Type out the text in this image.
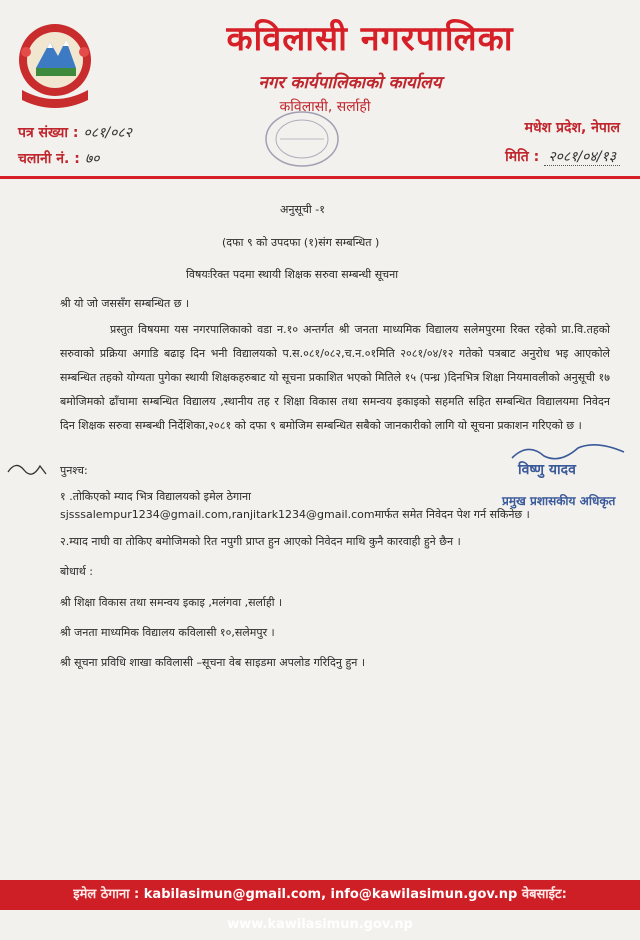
कविलासी नगरपालिका
नगर कार्यपालिकाको कार्यालय
कविलासी, सर्लाही
पत्र संख्या : ०८१/०८२
चलानी नं. : ७०
मधेश प्रदेश, नेपाल
मिति : २०८१/०४/१३
अनुसूची -१
(दफा ९ को उपदफा (१)संग सम्बन्धित )
विषयःरिक्त पदमा स्थायी शिक्षक सरुवा सम्बन्धी सूचना
श्री यो जो जससँग सम्बन्धित छ ।
प्रस्तुत विषयमा यस नगरपालिकाको वडा न.१० अन्तर्गत श्री जनता माध्यमिक विद्यालय सलेमपुरमा रिक्त रहेको प्रा.वि.तहको सरुवाको प्रक्रिया अगाडि बढाइ दिन भनी विद्यालयको प.स.०८१/०८२,च.न.०१मिति २०८१/०४/१२ गतेको पत्रबाट अनुरोध भइ आएकोले सम्बन्धित तहको योग्यता पुगेका स्थायी शिक्षकहरुबाट यो सूचना प्रकाशित भएको मितिले १५ (पन्ध्र )दिनभित्र शिक्षा नियमावलीको अनुसूची १७ बमोजिमको ढाँचामा सम्बन्धित विद्यालय ,स्थानीय तह र शिक्षा विकास तथा समन्वय इकाइको सहमति सहित सम्बन्धित विद्यालयमा निवेदन दिन शिक्षक सरुवा सम्बन्धी निर्देशिका,२०८१ को दफा ९ बमोजिम सम्बन्धित सबैको जानकारीको लागि यो सूचना प्रकाशन गरिएको छ ।
पुनश्च:
१ .तोकिएको म्याद भित्र विद्यालयको इमेल ठेगाना
sjsssalempur1234@gmail.com,ranjitark1234@gmail.comमार्फत समेत निवेदन पेश गर्न सकिनेछ ।
२.म्याद नाघी वा तोकिए बमोजिमको रित नपुगी प्राप्त हुन आएको निवेदन माथि कुनै कारवाही हुने छैन ।
विष्णु यादव
प्रमुख प्रशासकीय अधिकृत
बोधार्थ :
श्री शिक्षा विकास तथा समन्वय इकाइ ,मलंगवा ,सर्लाही ।
श्री जनता माध्यमिक विद्यालय कविलासी १०,सलेमपुर ।
श्री सूचना प्रविधि शाखा कविलासी –सूचना वेब साइडमा अपलोड गरिदिनु हुन ।
इमेल ठेगाना : kabilasimun@gmail.com, info@kawilasimun.gov.np वेबसाईट: www.kawilasimun.gov.np
